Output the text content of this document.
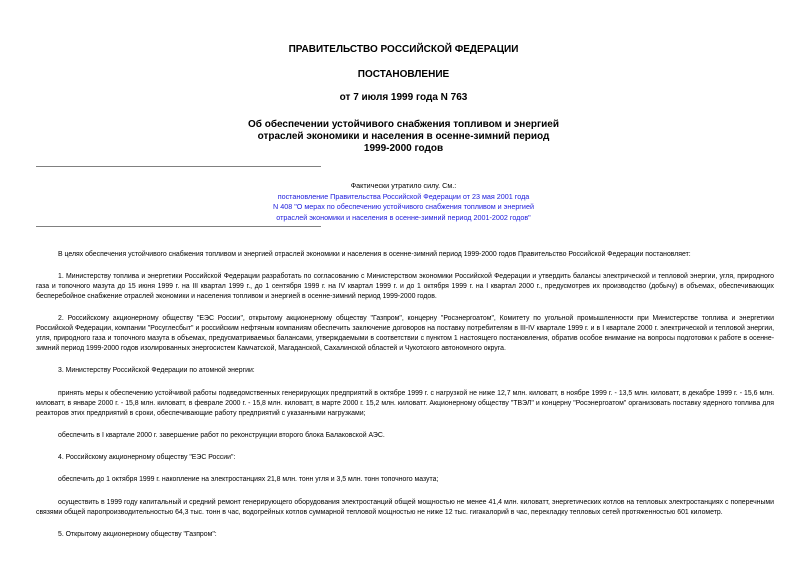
ПРАВИТЕЛЬСТВО РОССИЙСКОЙ ФЕДЕРАЦИИ
ПОСТАНОВЛЕНИЕ
от 7 июля 1999 года N 763
Об обеспечении устойчивого снабжения топливом и энергией
отраслей экономики и населения в осенне-зимний период
1999-2000 годов
Фактически утратило силу. См.:
постановление Правительства Российской Федерации от 23 мая 2001 года
N 408 "О мерах по обеспечению устойчивого снабжения топливом и энергией
отраслей экономики и населения в осенне-зимний период 2001-2002 годов"

В целях обеспечения устойчивого снабжения топливом и энергией отраслей экономики и населения в осенне-зимний период 1999-2000 годов Правительство Российской Федерации постановляет:

1. Министерству топлива и энергетики Российской Федерации разработать по согласованию с Министерством экономики Российской Федерации и утвердить балансы электрической и тепловой энергии, угля, природного газа и топочного мазута до 15 июня 1999 г. на III квартал 1999 г., до 1 сентября 1999 г. на IV квартал 1999 г. и до 1 октября 1999 г. на I квартал 2000 г., предусмотрев их производство (добычу) в объемах, обеспечивающих бесперебойное снабжение отраслей экономики и населения топливом и энергией в осенне-зимний период 1999-2000 годов.

2. Российскому акционерному обществу "ЕЭС России", открытому акционерному обществу "Газпром", концерну "Росэнергоатом", Комитету по угольной промышленности при Министерстве топлива и энергетики Российской Федерации, компании "Росуглесбыт" и российским нефтяным компаниям обеспечить заключение договоров на поставку потребителям в III-IV квартале 1999 г. и в I квартале 2000 г. электрической и тепловой энергии, угля, природного газа и топочного мазута в объемах, предусматриваемых балансами, утверждаемыми в соответствии с пунктом 1 настоящего постановления, обратив особое внимание на вопросы подготовки к работе в осенне-зимний период 1999-2000 годов изолированных энергосистем Камчатской, Магаданской, Сахалинской областей и Чукотского автономного округа.

3. Министерству Российской Федерации по атомной энергии:

принять меры к обеспечению устойчивой работы подведомственных генерирующих предприятий в октябре 1999 г. с нагрузкой не ниже 12,7 млн. киловатт, в ноябре 1999 г. - 13,5 млн. киловатт, в декабре 1999 г. - 15,6 млн. киловатт, в январе 2000 г. - 15,8 млн. киловатт, в феврале 2000 г. - 15,8 млн. киловатт, в марте 2000 г. 15,2 млн. киловатт. Акционерному обществу "ТВЭЛ" и концерну "Росэнергоатом" организовать поставку ядерного топлива для реакторов этих предприятий в сроки, обеспечивающие работу предприятий с указанными нагрузками;

обеспечить в I квартале 2000 г. завершение работ по реконструкции второго блока Балаковской АЭС.

4. Российскому акционерному обществу "ЕЭС России":

обеспечить до 1 октября 1999 г. накопление на электростанциях 21,8 млн. тонн угля и 3,5 млн. тонн топочного мазута;

осуществить в 1999 году капитальный и средний ремонт генерирующего оборудования электростанций общей мощностью не менее 41,4 млн. киловатт, энергетических котлов на тепловых электростанциях с поперечными связями общей паропроизводительностью 64,3 тыс. тонн в час, водогрейных котлов суммарной тепловой мощностью не ниже 12 тыс. гигакалорий в час, перекладку тепловых сетей протяженностью 601 километр.

5. Открытому акционерному обществу "Газпром":
